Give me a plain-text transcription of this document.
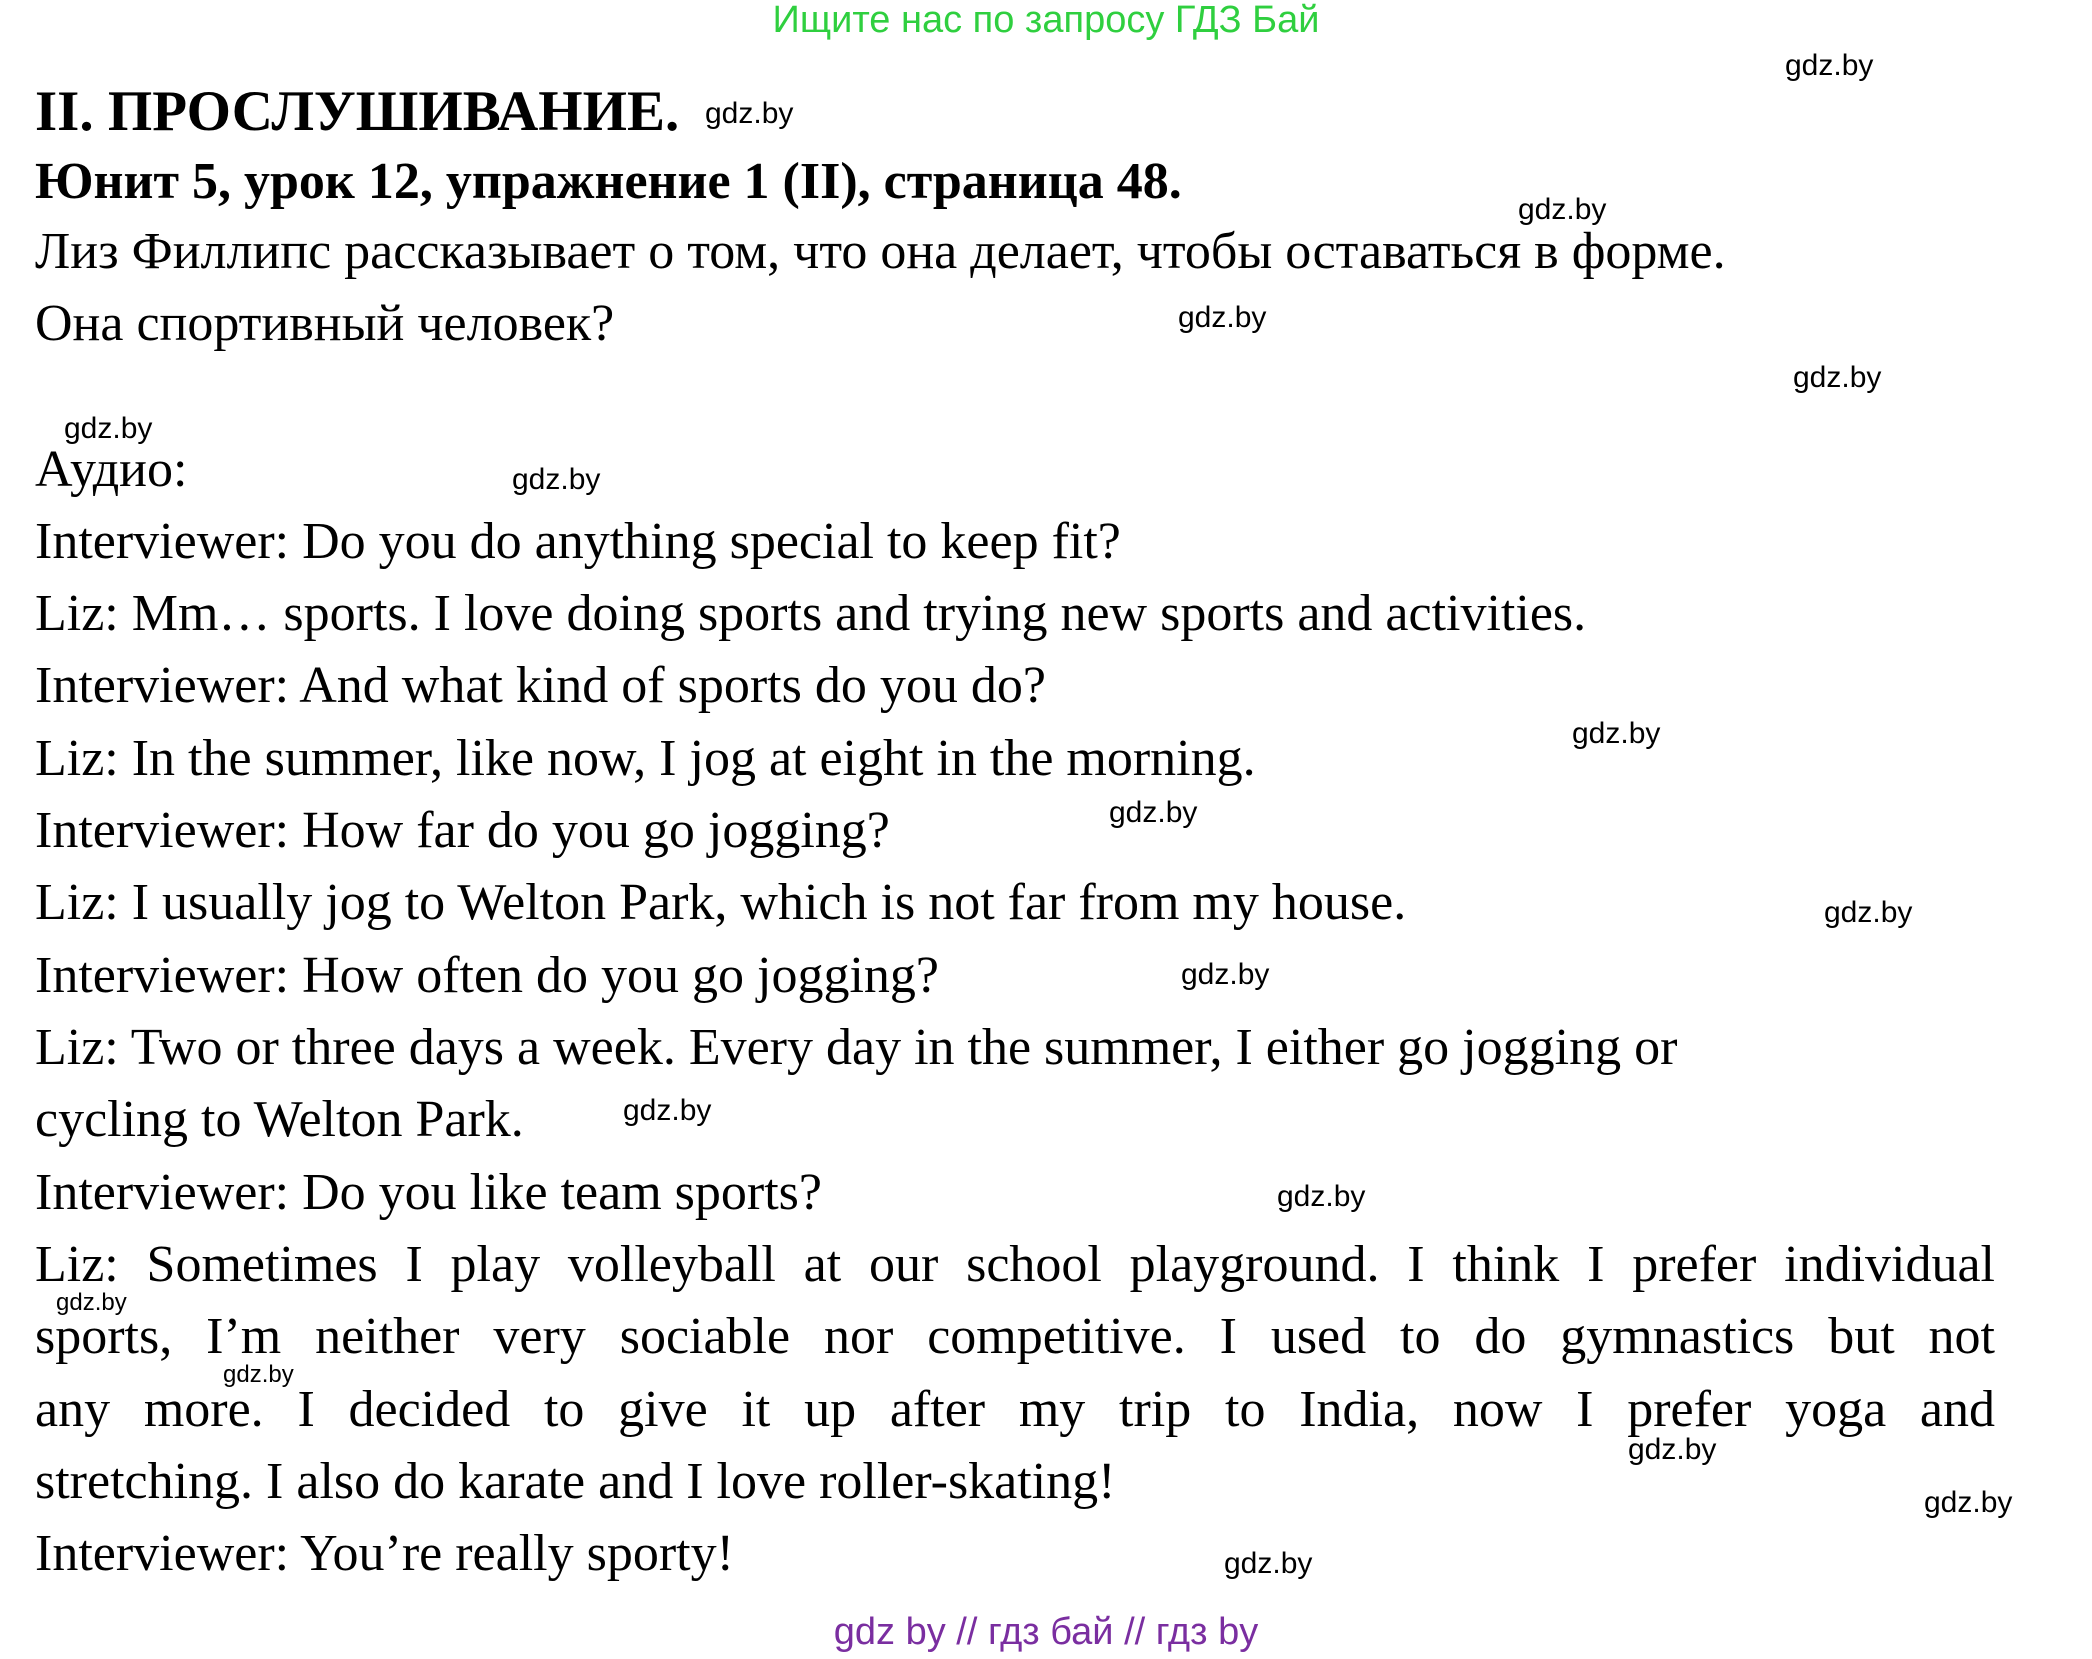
Ищите нас по запросу ГДЗ Бай
II. ПРОСЛУШИВАНИЕ.
Юнит 5, урок 12, упражнение 1 (II), страница 48.
Лиз Филлипс рассказывает о том, что она делает, чтобы оставаться в форме.
Она спортивный человек?
Аудио:
Interviewer: Do you do anything special to keep fit?
Liz: Mm… sports. I love doing sports and trying new sports and activities.
Interviewer: And what kind of sports do you do?
Liz: In the summer, like now, I jog at eight in the morning.
Interviewer: How far do you go jogging?
Liz: I usually jog to Welton Park, which is not far from my house.
Interviewer: How often do you go jogging?
Liz: Two or three days a week. Every day in the summer, I either go jogging or
cycling to Welton Park.
Interviewer: Do you like team sports?
Liz: Sometimes I play volleyball at our school playground. I think I prefer individual
sports, I’m neither very sociable nor competitive. I used to do gymnastics but not
any more. I decided to give it up after my trip to India, now I prefer yoga and
stretching. I also do karate and I love roller-skating!
Interviewer: You’re really sporty!
gdz.by
gdz.by
gdz.by
gdz.by
gdz.by
gdz.by
gdz.by
gdz.by
gdz.by
gdz.by
gdz.by
gdz.by
gdz.by
gdz.by
gdz.by
gdz.by
gdz.by
gdz.by
gdz by // гдз бай // гдз by
